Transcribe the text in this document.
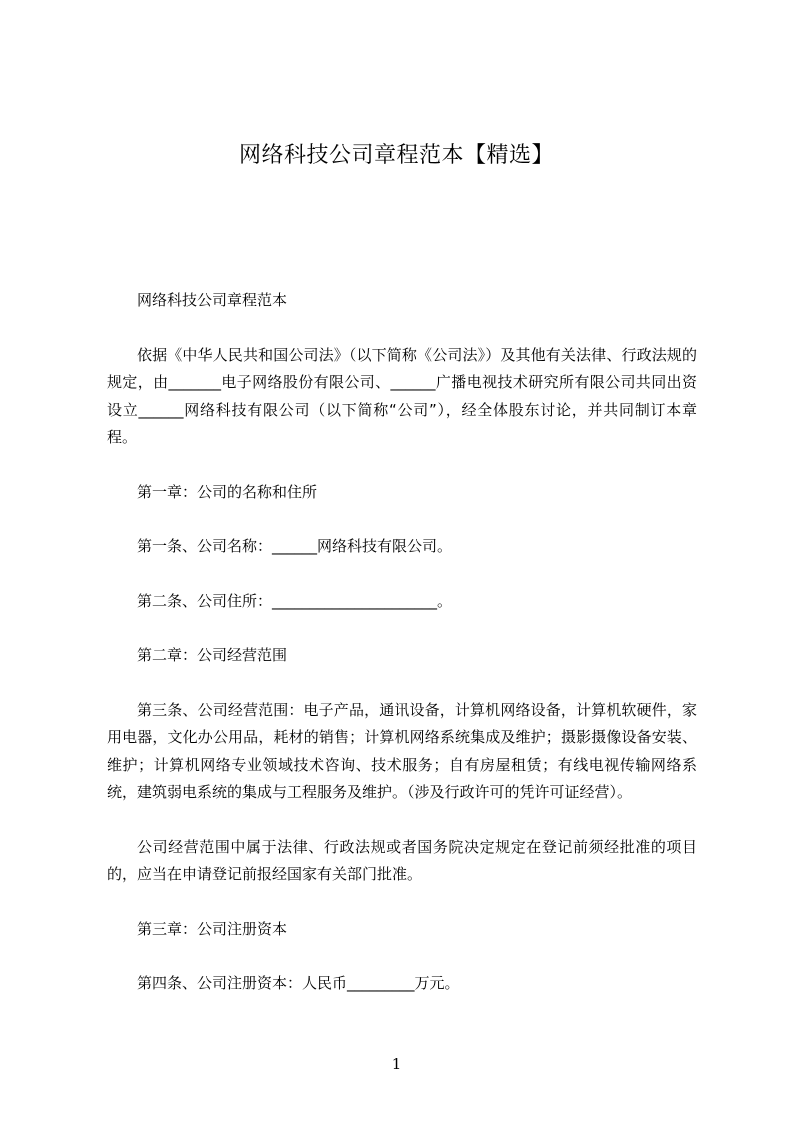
网络科技公司章程范本【精选】

网络科技公司章程范本

依据《中华人民共和国公司法》（以下简称《公司法》）及其他有关法律、行政法规的规定，由_______电子网络股份有限公司、______广播电视技术研究所有限公司共同出资设立______网络科技有限公司（以下简称“公司”），经全体股东讨论，并共同制订本章程。

第一章：公司的名称和住所

第一条、公司名称：______网络科技有限公司。

第二条、公司住所：______________________。

第二章：公司经营范围

第三条、公司经营范围：电子产品，通讯设备，计算机网络设备，计算机软硬件，家用电器，文化办公用品，耗材的销售；计算机网络系统集成及维护；摄影摄像设备安装、维护；计算机网络专业领域技术咨询、技术服务；自有房屋租赁；有线电视传输网络系统，建筑弱电系统的集成与工程服务及维护。（涉及行政许可的凭许可证经营）。

公司经营范围中属于法律、行政法规或者国务院决定规定在登记前须经批准的项目的，应当在申请登记前报经国家有关部门批准。

第三章：公司注册资本

第四条、公司注册资本：人民币_________万元。

1
